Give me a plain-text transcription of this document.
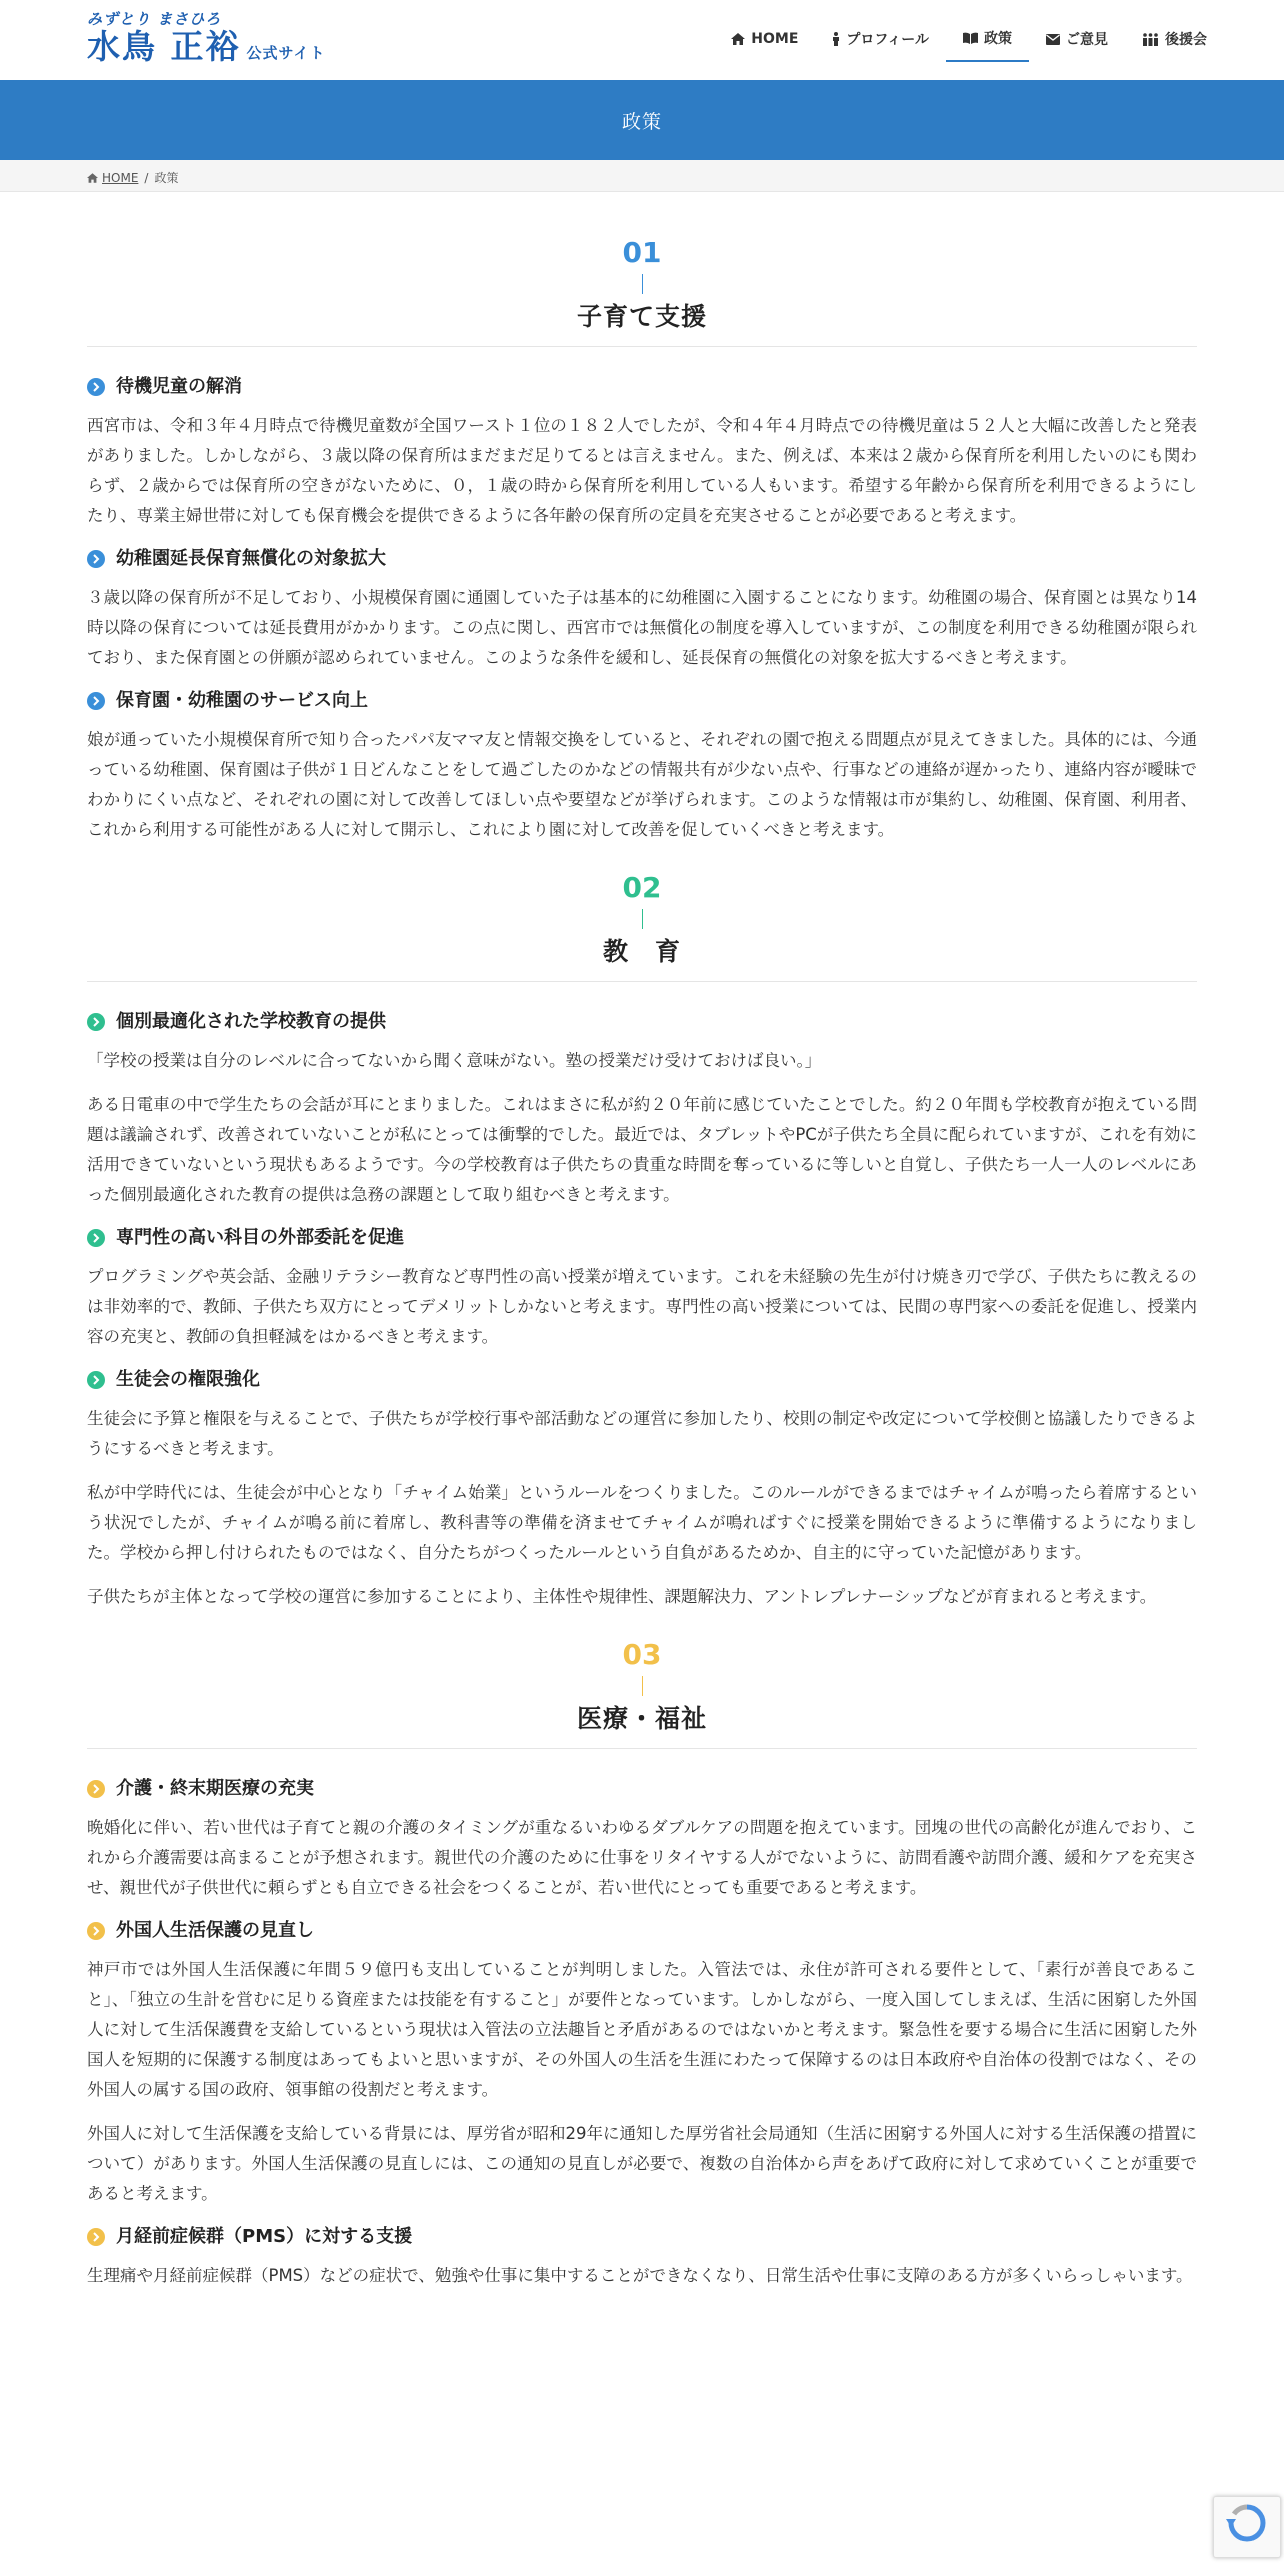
みずとり まさひろ
水鳥 正裕 公式サイト
HOME	プロフィール	政策	ご意見	後援会
政策
HOME / 政策
01
子育て支援
待機児童の解消

西宮市は、令和３年４月時点で待機児童数が全国ワースト１位の１８２人でしたが、令和４年４月時点での待機児童は５２人と大幅に改善したと発表がありました。しかしながら、３歳以降の保育所はまだまだ足りてるとは言えません。また、例えば、本来は２歳から保育所を利用したいのにも関わらず、２歳からでは保育所の空きがないために、０，１歳の時から保育所を利用している人もいます。希望する年齢から保育所を利用できるようにしたり、専業主婦世帯に対しても保育機会を提供できるように各年齢の保育所の定員を充実させることが必要であると考えます。

幼稚園延長保育無償化の対象拡大

３歳以降の保育所が不足しており、小規模保育園に通園していた子は基本的に幼稚園に入園することになります。幼稚園の場合、保育園とは異なり14時以降の保育については延長費用がかかります。この点に関し、西宮市では無償化の制度を導入していますが、この制度を利用できる幼稚園が限られており、また保育園との併願が認められていません。このような条件を緩和し、延長保育の無償化の対象を拡大するべきと考えます。

保育園・幼稚園のサービス向上

娘が通っていた小規模保育所で知り合ったパパ友ママ友と情報交換をしていると、それぞれの園で抱える問題点が見えてきました。具体的には、今通っている幼稚園、保育園は子供が１日どんなことをして過ごしたのかなどの情報共有が少ない点や、行事などの連絡が遅かったり、連絡内容が曖昧でわかりにくい点など、それぞれの園に対して改善してほしい点や要望などが挙げられます。このような情報は市が集約し、幼稚園、保育園、利用者、これから利用する可能性がある人に対して開示し、これにより園に対して改善を促していくべきと考えます。

02
教　育
個別最適化された学校教育の提供

「学校の授業は自分のレベルに合ってないから聞く意味がない。塾の授業だけ受けておけば良い。」

ある日電車の中で学生たちの会話が耳にとまりました。これはまさに私が約２０年前に感じていたことでした。約２０年間も学校教育が抱えている問題は議論されず、改善されていないことが私にとっては衝撃的でした。最近では、タブレットやPCが子供たち全員に配られていますが、これを有効に活用できていないという現状もあるようです。今の学校教育は子供たちの貴重な時間を奪っているに等しいと自覚し、子供たち一人一人のレベルにあった個別最適化された教育の提供は急務の課題として取り組むべきと考えます。

専門性の高い科目の外部委託を促進

プログラミングや英会話、金融リテラシー教育など専門性の高い授業が増えています。これを未経験の先生が付け焼き刃で学び、子供たちに教えるのは非効率的で、教師、子供たち双方にとってデメリットしかないと考えます。専門性の高い授業については、民間の専門家への委託を促進し、授業内容の充実と、教師の負担軽減をはかるべきと考えます。

生徒会の権限強化

生徒会に予算と権限を与えることで、子供たちが学校行事や部活動などの運営に参加したり、校則の制定や改定について学校側と協議したりできるようにするべきと考えます。

私が中学時代には、生徒会が中心となり「チャイム始業」というルールをつくりました。このルールができるまではチャイムが鳴ったら着席するという状況でしたが、チャイムが鳴る前に着席し、教科書等の準備を済ませてチャイムが鳴ればすぐに授業を開始できるように準備するようになりました。学校から押し付けられたものではなく、自分たちがつくったルールという自負があるためか、自主的に守っていた記憶があります。

子供たちが主体となって学校の運営に参加することにより、主体性や規律性、課題解決力、アントレプレナーシップなどが育まれると考えます。

03
医療・福祉
介護・終末期医療の充実

晩婚化に伴い、若い世代は子育てと親の介護のタイミングが重なるいわゆるダブルケアの問題を抱えています。団塊の世代の高齢化が進んでおり、これから介護需要は高まることが予想されます。親世代の介護のために仕事をリタイヤする人がでないように、訪問看護や訪問介護、緩和ケアを充実させ、親世代が子供世代に頼らずとも自立できる社会をつくることが、若い世代にとっても重要であると考えます。

外国人生活保護の見直し

神戸市では外国人生活保護に年間５９億円も支出していることが判明しました。入管法では、永住が許可される要件として、「素行が善良であること」、「独立の生計を営むに足りる資産または技能を有すること」が要件となっています。しかしながら、一度入国してしまえば、生活に困窮した外国人に対して生活保護費を支給しているという現状は入管法の立法趣旨と矛盾があるのではないかと考えます。緊急性を要する場合に生活に困窮した外国人を短期的に保護する制度はあってもよいと思いますが、その外国人の生活を生涯にわたって保障するのは日本政府や自治体の役割ではなく、その外国人の属する国の政府、領事館の役割だと考えます。

外国人に対して生活保護を支給している背景には、厚労省が昭和29年に通知した厚労省社会局通知（生活に困窮する外国人に対する生活保護の措置について）があります。外国人生活保護の見直しには、この通知の見直しが必要で、複数の自治体から声をあげて政府に対して求めていくことが重要であると考えます。

月経前症候群（PMS）に対する支援

生理痛や月経前症候群（PMS）などの症状で、勉強や仕事に集中することができなくなり、日常生活や仕事に支障のある方が多くいらっしゃいます。
